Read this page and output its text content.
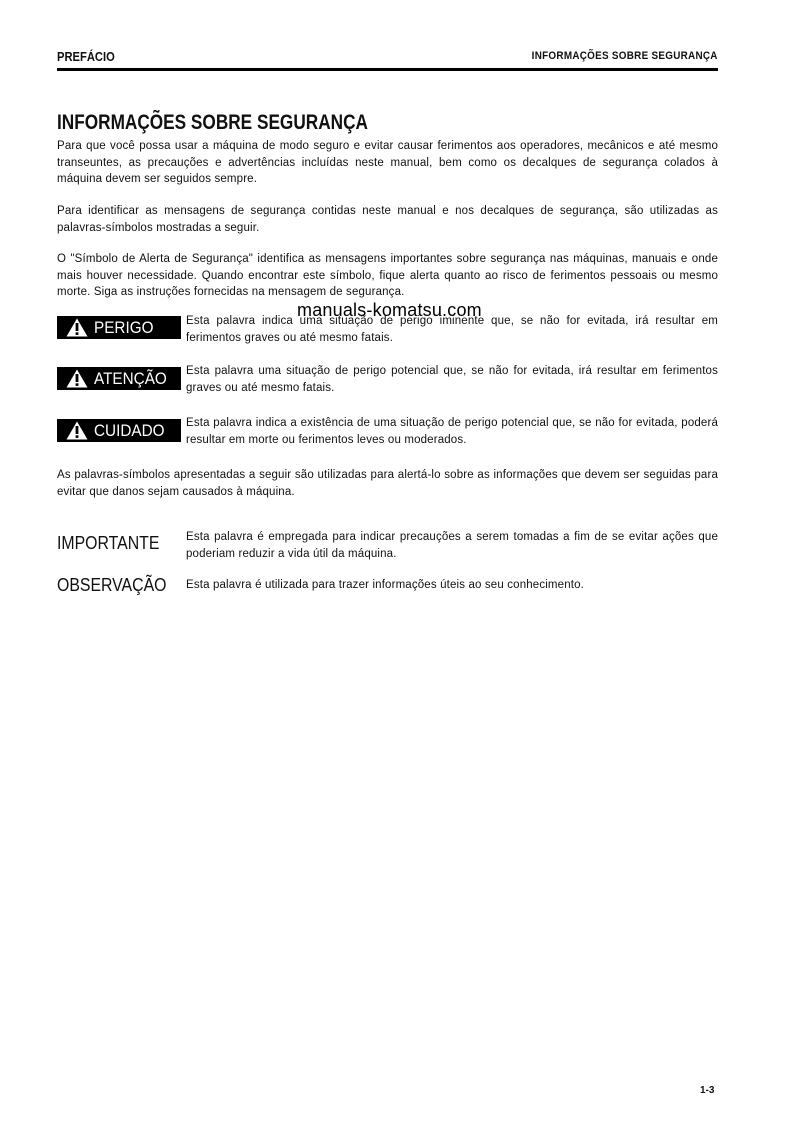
PREFÁCIO	INFORMAÇÕES SOBRE SEGURANÇA
INFORMAÇÕES SOBRE SEGURANÇA
Para que você possa usar a máquina de modo seguro e evitar causar ferimentos aos operadores, mecânicos e até mesmo transeuntes, as precauções e advertências incluídas neste manual, bem como os decalques de segurança colados à máquina devem ser seguidos sempre.
Para identificar as mensagens de segurança contidas neste manual e nos decalques de segurança, são utilizadas as palavras-símbolos mostradas a seguir.
O "Símbolo de Alerta de Segurança" identifica as mensagens importantes sobre segurança nas máquinas, manuais e onde mais houver necessidade. Quando encontrar este símbolo, fique alerta quanto ao risco de ferimentos pessoais ou mesmo morte. Siga as instruções fornecidas na mensagem de segurança.
PERIGO	Esta palavra indica uma situação de perigo iminente que, se não for evitada, irá resultar em ferimentos graves ou até mesmo fatais.
ATENÇÃO Esta palavra uma situação de perigo potencial que, se não for evitada, irá resultar em ferimentos graves ou até mesmo fatais.
CUIDADO Esta palavra indica a existência de uma situação de perigo potencial que, se não for evitada, poderá resultar em morte ou ferimentos leves ou moderados.
As palavras-símbolos apresentadas a seguir são utilizadas para alertá-lo sobre as informações que devem ser seguidas para evitar que danos sejam causados à máquina.
IMPORTANTE Esta palavra é empregada para indicar precauções a serem tomadas a fim de se evitar ações que poderiam reduzir a vida útil da máquina.
OBSERVAÇÃO Esta palavra é utilizada para trazer informações úteis ao seu conhecimento.
manuals-komatsu.com
1-3
